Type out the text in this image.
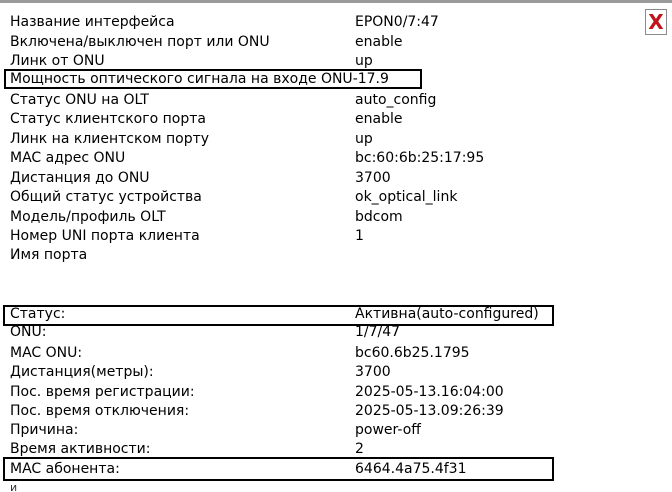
X
Название интерфейса	EPON0/7:47
Включена/выключен порт или ONU	enable
Линк от ONU	up
Мощность оптического сигнала на входе ONU-17.9
Статус ONU на OLT	auto_config
Статус клиентского порта	enable
Линк на клиентском порту	up
MAC адрес ONU	bc:60:6b:25:17:95
Дистанция до ONU	3700
Общий статус устройства	ok_optical_link
Модель/профиль OLT	bdcom
Номер UNI порта клиента	1
Имя порта
Статус:	Активна(auto-configured)
ONU:	1/7/47
MAC ONU:	bc60.6b25.1795
Дистанция(метры):	3700
Пос. время регистрации:	2025-05-13.16:04:00
Пос. время отключения:	2025-05-13.09:26:39
Причина:	power-off
Время активности:	2
MAC абонента:	6464.4a75.4f31
и
